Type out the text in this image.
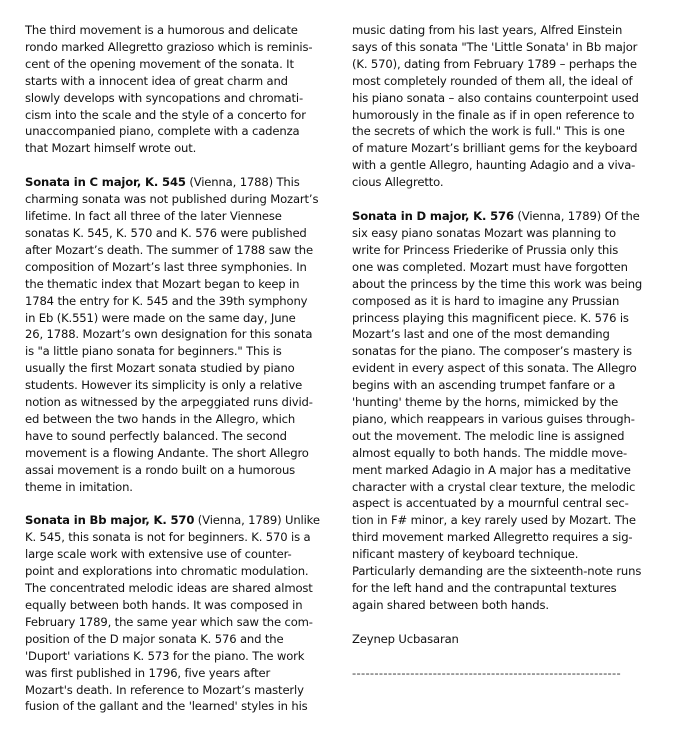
The third movement is a humorous and delicate
rondo marked Allegretto grazioso which is reminis-
cent of the opening movement of the sonata. It
starts with a innocent idea of great charm and
slowly develops with syncopations and chromati-
cism into the scale and the style of a concerto for
unaccompanied piano, complete with a cadenza
that Mozart himself wrote out.
Sonata in C major, K. 545 (Vienna, 1788) This
charming sonata was not published during Mozart’s
lifetime. In fact all three of the later Viennese
sonatas K. 545, K. 570 and K. 576 were published
after Mozart’s death. The summer of 1788 saw the
composition of Mozart’s last three symphonies. In
the thematic index that Mozart began to keep in
1784 the entry for K. 545 and the 39th symphony
in Eb (K.551) were made on the same day, June
26, 1788. Mozart’s own designation for this sonata
is "a little piano sonata for beginners." This is
usually the first Mozart sonata studied by piano
students. However its simplicity is only a relative
notion as witnessed by the arpeggiated runs divid-
ed between the two hands in the Allegro, which
have to sound perfectly balanced. The second
movement is a flowing Andante. The short Allegro
assai movement is a rondo built on a humorous
theme in imitation.
Sonata in Bb major, K. 570 (Vienna, 1789) Unlike
K. 545, this sonata is not for beginners. K. 570 is a
large scale work with extensive use of counter-
point and explorations into chromatic modulation.
The concentrated melodic ideas are shared almost
equally between both hands. It was composed in
February 1789, the same year which saw the com-
position of the D major sonata K. 576 and the
'Duport' variations K. 573 for the piano. The work
was first published in 1796, five years after
Mozart's death. In reference to Mozart’s masterly
fusion of the gallant and the 'learned' styles in his
music dating from his last years, Alfred Einstein
says of this sonata "The 'Little Sonata' in Bb major
(K. 570), dating from February 1789 – perhaps the
most completely rounded of them all, the ideal of
his piano sonata – also contains counterpoint used
humorously in the finale as if in open reference to
the secrets of which the work is full." This is one
of mature Mozart’s brilliant gems for the keyboard
with a gentle Allegro, haunting Adagio and a viva-
cious Allegretto.
Sonata in D major, K. 576 (Vienna, 1789) Of the
six easy piano sonatas Mozart was planning to
write for Princess Friederike of Prussia only this
one was completed. Mozart must have forgotten
about the princess by the time this work was being
composed as it is hard to imagine any Prussian
princess playing this magnificent piece. K. 576 is
Mozart’s last and one of the most demanding
sonatas for the piano. The composer’s mastery is
evident in every aspect of this sonata. The Allegro
begins with an ascending trumpet fanfare or a
'hunting' theme by the horns, mimicked by the
piano, which reappears in various guises through-
out the movement. The melodic line is assigned
almost equally to both hands. The middle move-
ment marked Adagio in A major has a meditative
character with a crystal clear texture, the melodic
aspect is accentuated by a mournful central sec-
tion in F# minor, a key rarely used by Mozart. The
third movement marked Allegretto requires a sig-
nificant mastery of keyboard technique.
Particularly demanding are the sixteenth-note runs
for the left hand and the contrapuntal textures
again shared between both hands.
Zeynep Ucbasaran
------------------------------------------------------------
